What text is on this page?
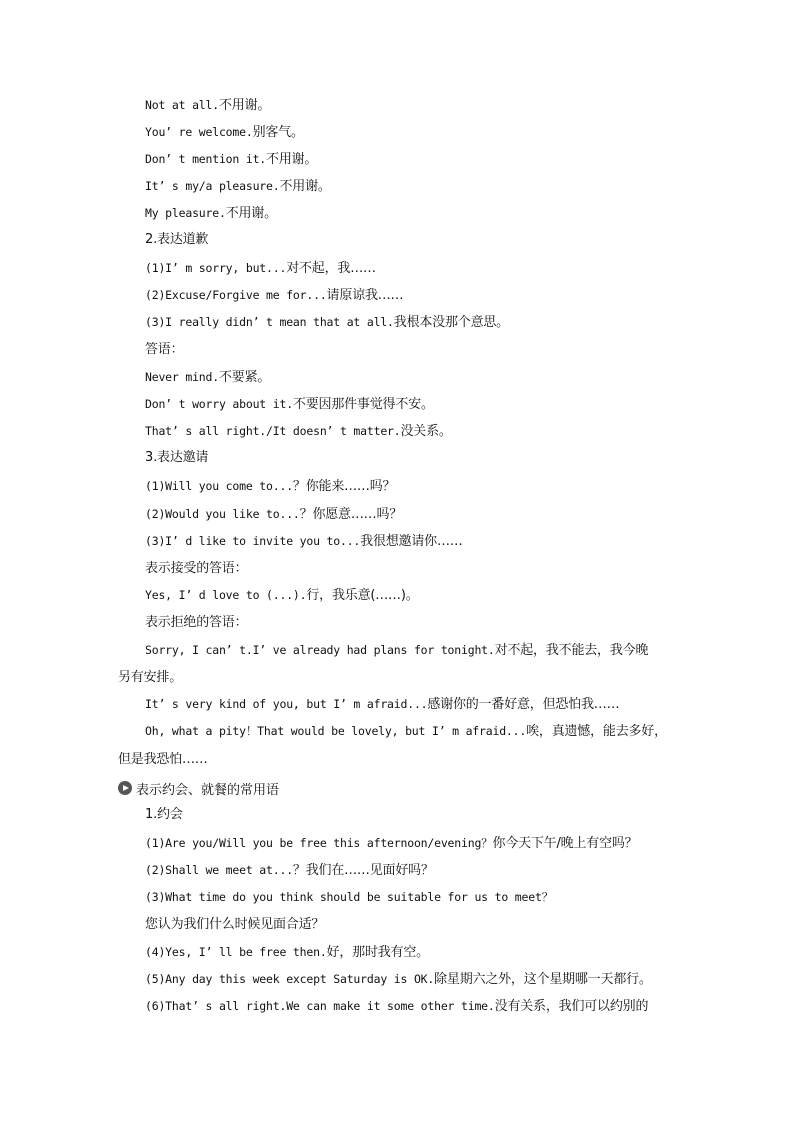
Not at all.不用谢。
You’ re welcome.别客气。
Don’ t mention it.不用谢。
It’ s my/a pleasure.不用谢。
My pleasure.不用谢。
2.表达道歉
(1)I’ m sorry, but...对不起，我……
(2)Excuse/Forgive me for...请原谅我……
(3)I really didn’ t mean that at all.我根本没那个意思。
答语：
Never mind.不要紧。
Don’ t worry about it.不要因那件事觉得不安。
That’ s all right./It doesn’ t matter.没关系。
3.表达邀请
(1)Will you come to...？你能来……吗？
(2)Would you like to...？你愿意……吗？
(3)I’ d like to invite you to...我很想邀请你……
表示接受的答语：
Yes, I’ d love to (...).行，我乐意(……)。
表示拒绝的答语：
Sorry, I can’ t.I’ ve already had plans for tonight.对不起，我不能去，我今晚
另有安排。
It’ s very kind of you, but I’ m afraid...感谢你的一番好意，但恐怕我……
Oh, what a pity！That would be lovely, but I’ m afraid...唉，真遗憾，能去多好，
但是我恐怕……
表示约会、就餐的常用语
1.约会
(1)Are you/Will you be free this afternoon/evening？你今天下午/晚上有空吗？
(2)Shall we meet at...？我们在……见面好吗？
(3)What time do you think should be suitable for us to meet？
您认为我们什么时候见面合适？
(4)Yes, I’ ll be free then.好，那时我有空。
(5)Any day this week except Saturday is OK.除星期六之外，这个星期哪一天都行。
(6)That’ s all right.We can make it some other time.没有关系，我们可以约别的
